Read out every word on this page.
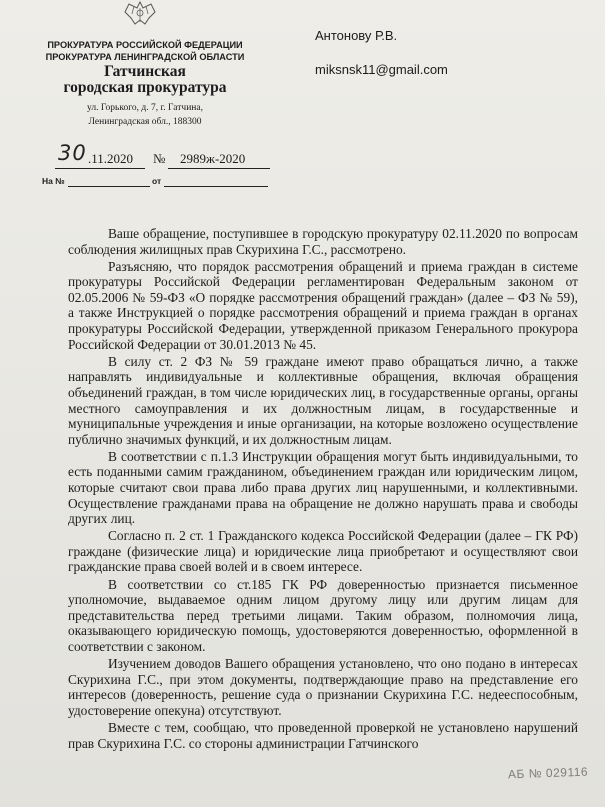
ПРОКУРАТУРА РОССИЙСКОЙ ФЕДЕРАЦИИ
ПРОКУРАТУРА ЛЕНИНГРАДСКОЙ ОБЛАСТИ
Гатчинская
городская прокуратура
ул. Горького, д. 7, г. Гатчина,
Ленинградская обл., 188300
Антонову Р.В.
miksnsk11@gmail.com
30 .11.2020 № 2989ж-2020
На №	от

Ваше обращение, поступившее в городскую прокуратуру 02.11.2020 по вопросам соблюдения жилищных прав Скурихина Г.С., рассмотрено.

Разъясняю, что порядок рассмотрения обращений и приема граждан в системе прокуратуры Российской Федерации регламентирован Федеральным законом от 02.05.2006 № 59-ФЗ «О порядке рассмотрения обращений граждан» (далее – ФЗ № 59), а также Инструкцией о порядке рассмотрения обращений и приема граждан в органах прокуратуры Российской Федерации, утвержденной приказом Генерального прокурора Российской Федерации от 30.01.2013 № 45.

В силу ст. 2 ФЗ № 59 граждане имеют право обращаться лично, а также направлять индивидуальные и коллективные обращения, включая обращения объединений граждан, в том числе юридических лиц, в государственные органы, органы местного самоуправления и их должностным лицам, в государственные и муниципальные учреждения и иные организации, на которые возложено осуществление публично значимых функций, и их должностным лицам.

В соответствии с п.1.3 Инструкции обращения могут быть индивидуальными, то есть поданными самим гражданином, объединением граждан или юридическим лицом, которые считают свои права либо права других лиц нарушенными, и коллективными. Осуществление гражданами права на обращение не должно нарушать права и свободы других лиц.

Согласно п. 2 ст. 1 Гражданского кодекса Российской Федерации (далее – ГК РФ) граждане (физические лица) и юридические лица приобретают и осуществляют свои гражданские права своей волей и в своем интересе.

В соответствии со ст.185 ГК РФ доверенностью признается письменное уполномочие, выдаваемое одним лицом другому лицу или другим лицам для представительства перед третьими лицами. Таким образом, полномочия лица, оказывающего юридическую помощь, удостоверяются доверенностью, оформленной в соответствии с законом.

Изучением доводов Вашего обращения установлено, что оно подано в интересах Скурихина Г.С., при этом документы, подтверждающие право на представление его интересов (доверенность, решение суда о признании Скурихина Г.С. недееспособным, удостоверение опекуна) отсутствуют.

Вместе с тем, сообщаю, что проведенной проверкой не установлено нарушений прав Скурихина Г.С. со стороны администрации Гатчинского

АБ № 029116
